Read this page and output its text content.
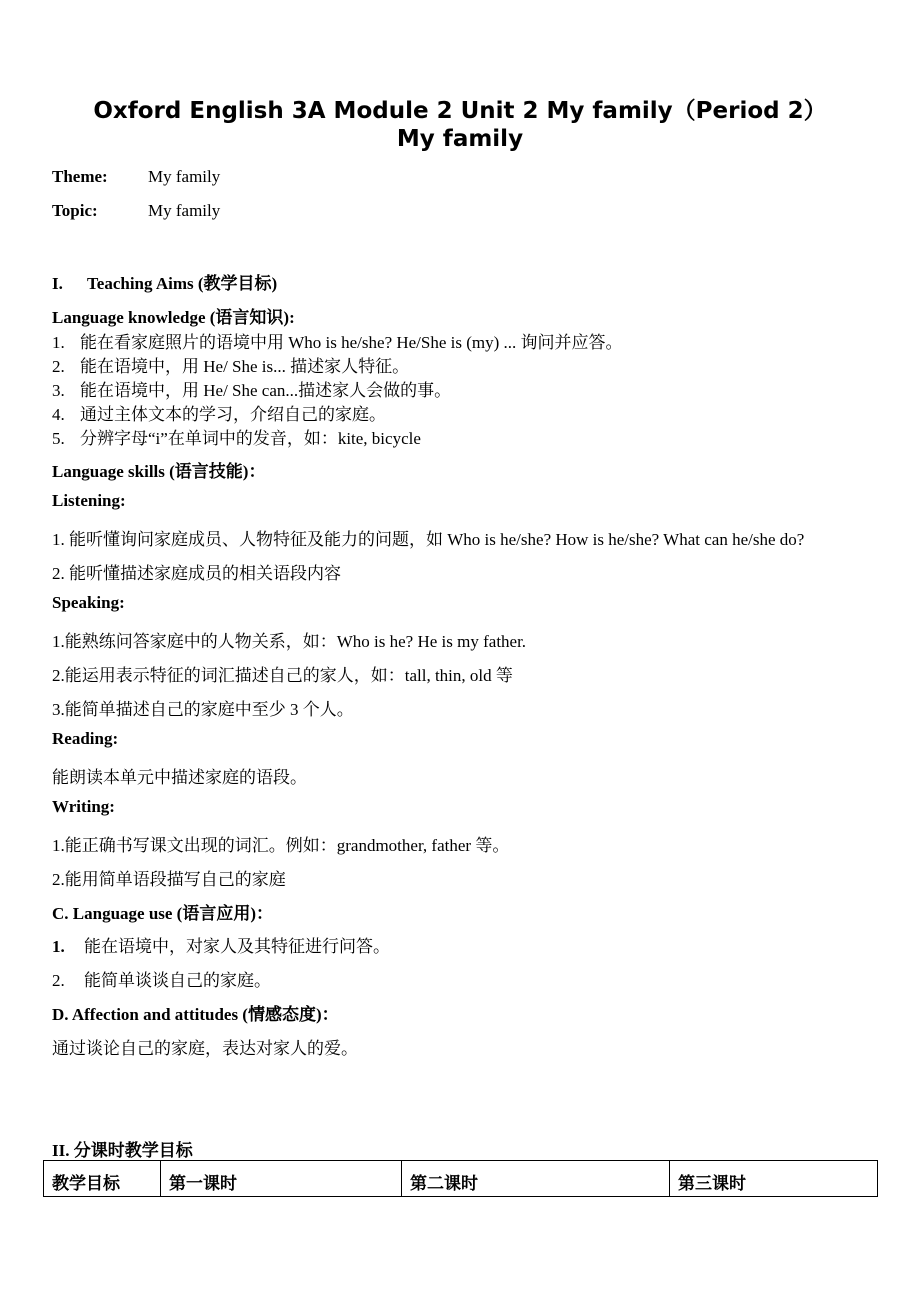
Oxford English 3A Module 2 Unit 2 My family（Period 2）
My family
Theme: My family
Topic:	My family
I. Teaching Aims (教学目标)
Language knowledge (语言知识):
1. 能在看家庭照片的语境中用 Who is he/she? He/She is (my) ... 询问并应答。
2. 能在语境中，用 He/ She is... 描述家人特征。
3. 能在语境中，用 He/ She can...描述家人会做的事。
4. 通过主体文本的学习，介绍自己的家庭。
5. 分辨字母“i”在单词中的发音，如：kite, bicycle
Language skills (语言技能)：
Listening:
1. 能听懂询问家庭成员、人物特征及能力的问题，如 Who is he/she? How is he/she? What can he/she do?
2. 能听懂描述家庭成员的相关语段内容
Speaking:
1.能熟练问答家庭中的人物关系，如：Who is he? He is my father.
2.能运用表示特征的词汇描述自己的家人，如：tall, thin, old 等
3.能简单描述自己的家庭中至少 3 个人。
Reading:
能朗读本单元中描述家庭的语段。
Writing:
1.能正确书写课文出现的词汇。例如：grandmother, father 等。
2.能用简单语段描写自己的家庭
C. Language use (语言应用)：
1. 能在语境中，对家人及其特征进行问答。
2. 能简单谈谈自己的家庭。
D. Affection and attitudes (情感态度)：
通过谈论自己的家庭，表达对家人的爱。
II. 分课时教学目标
教学目标	第一课时	第二课时	第三课时
